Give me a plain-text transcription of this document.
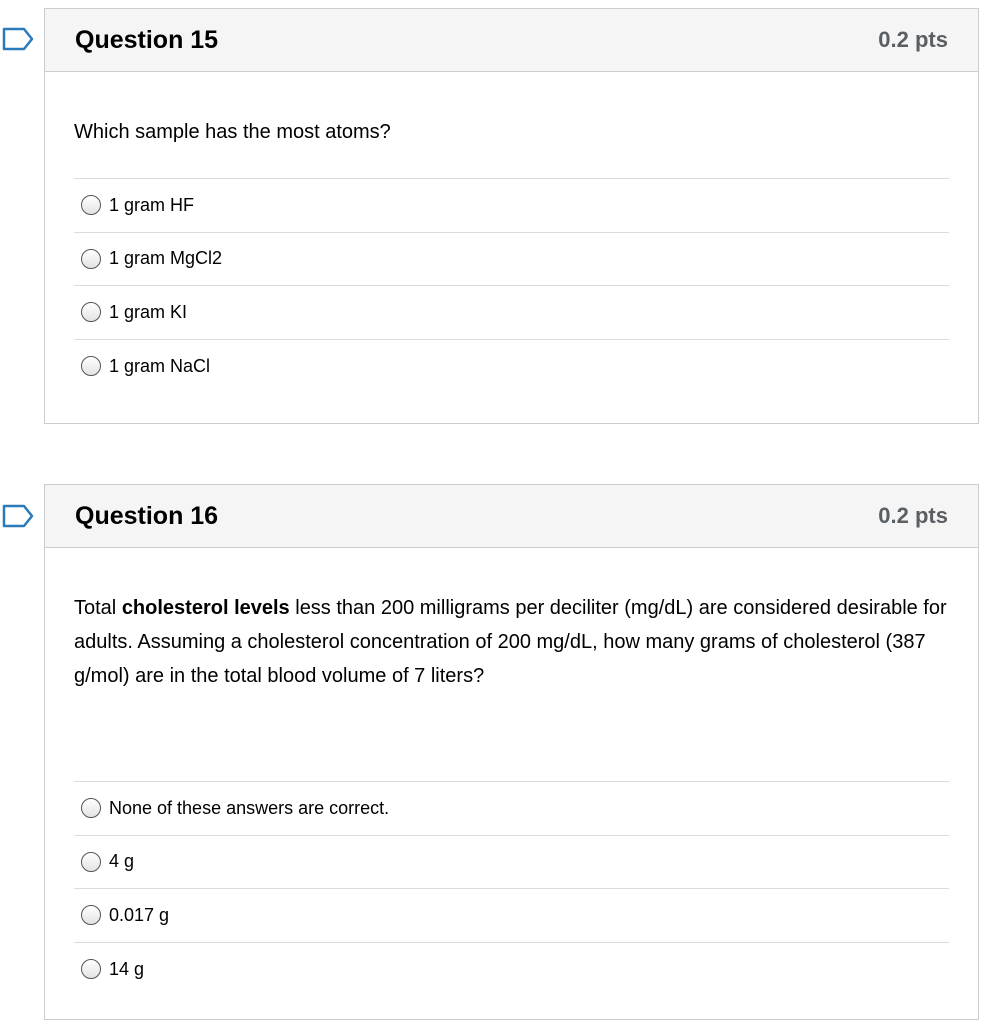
Question 15	0.2 pts
Which sample has the most atoms?
1 gram HF
1 gram MgCl2
1 gram KI
1 gram NaCl
Question 16	0.2 pts
Total cholesterol levels less than 200 milligrams per deciliter (mg/dL) are considered desirable for adults. Assuming a cholesterol concentration of 200 mg/dL, how many grams of cholesterol (387 g/mol) are in the total blood volume of 7 liters?
None of these answers are correct.
4 g
0.017 g
14 g
